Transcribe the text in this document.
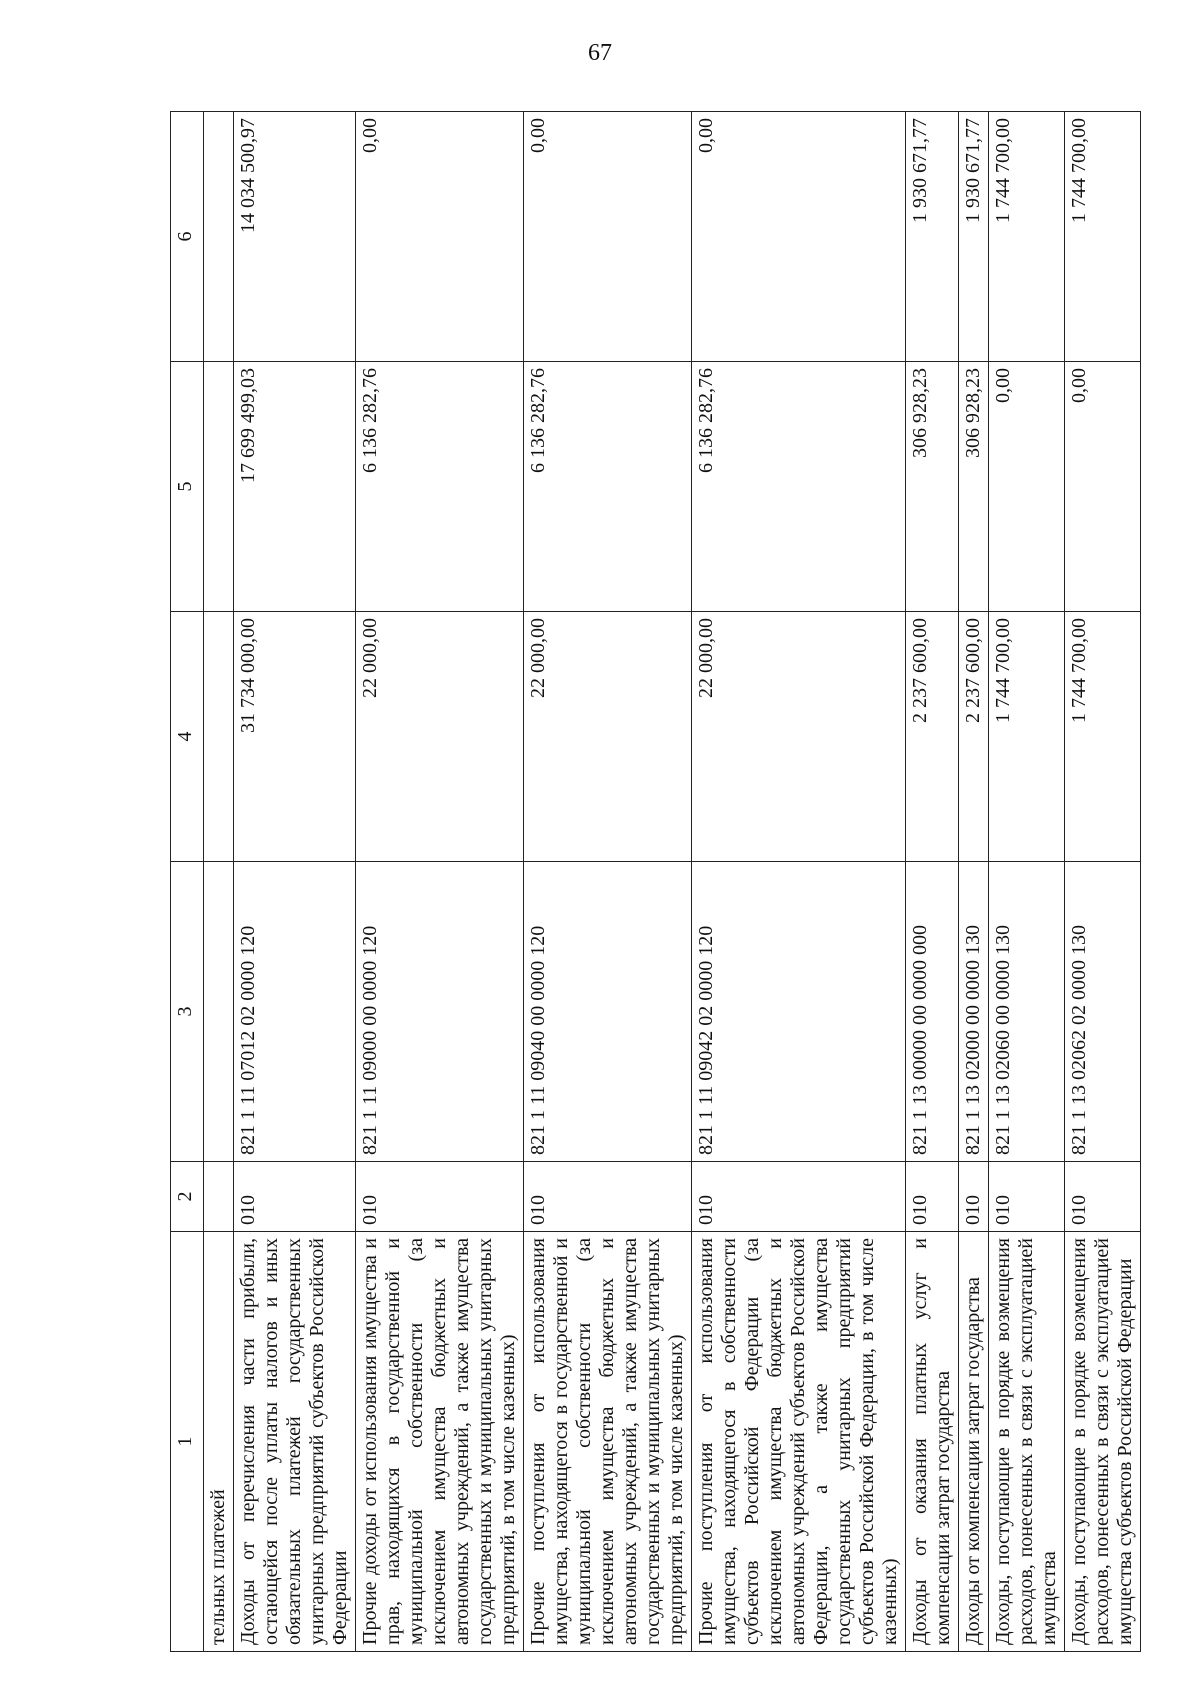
67
1	2	3	4	5	6
тельных платежей					
Доходы от перечисления части прибыли, остающейся после уплаты налогов и иных обязательных платежей государственных унитарных предприятий субъектов Российской Федерации	010	821 1 11 07012 02 0000 120	31 734 000,00	17 699 499,03	14 034 500,97
Прочие доходы от использования имущества и прав, находящихся в государственной и муниципальной собственности (за исключением имущества бюджетных и автономных учреждений, а также имущества государственных и муниципальных унитарных предприятий, в том числе казенных)	010	821 1 11 09000 00 0000 120	22 000,00	6 136 282,76	0,00
Прочие поступления от использования имущества, находящегося в государственной и муниципальной собственности (за исключением имущества бюджетных и автономных учреждений, а также имущества государственных и муниципальных унитарных предприятий, в том числе казенных)	010	821 1 11 09040 00 0000 120	22 000,00	6 136 282,76	0,00
Прочие поступления от использования имущества, находящегося в собственности субъектов Российской Федерации (за исключением имущества бюджетных и автономных учреждений субъектов Российской Федерации, а также имущества государственных унитарных предприятий субъектов Российской Федерации, в том числе казенных)	010	821 1 11 09042 02 0000 120	22 000,00	6 136 282,76	0,00
Доходы от оказания платных услуг и компенсации затрат государства	010	821 1 13 00000 00 0000 000	2 237 600,00	306 928,23	1 930 671,77
Доходы от компенсации затрат государства	010	821 1 13 02000 00 0000 130	2 237 600,00	306 928,23	1 930 671,77
Доходы, поступающие в порядке возмещения расходов, понесенных в связи с эксплуатацией имущества	010	821 1 13 02060 00 0000 130	1 744 700,00	0,00	1 744 700,00
Доходы, поступающие в порядке возмещения расходов, понесенных в связи с эксплуатацией имущества субъектов Российской Федерации	010	821 1 13 02062 02 0000 130	1 744 700,00	0,00	1 744 700,00
